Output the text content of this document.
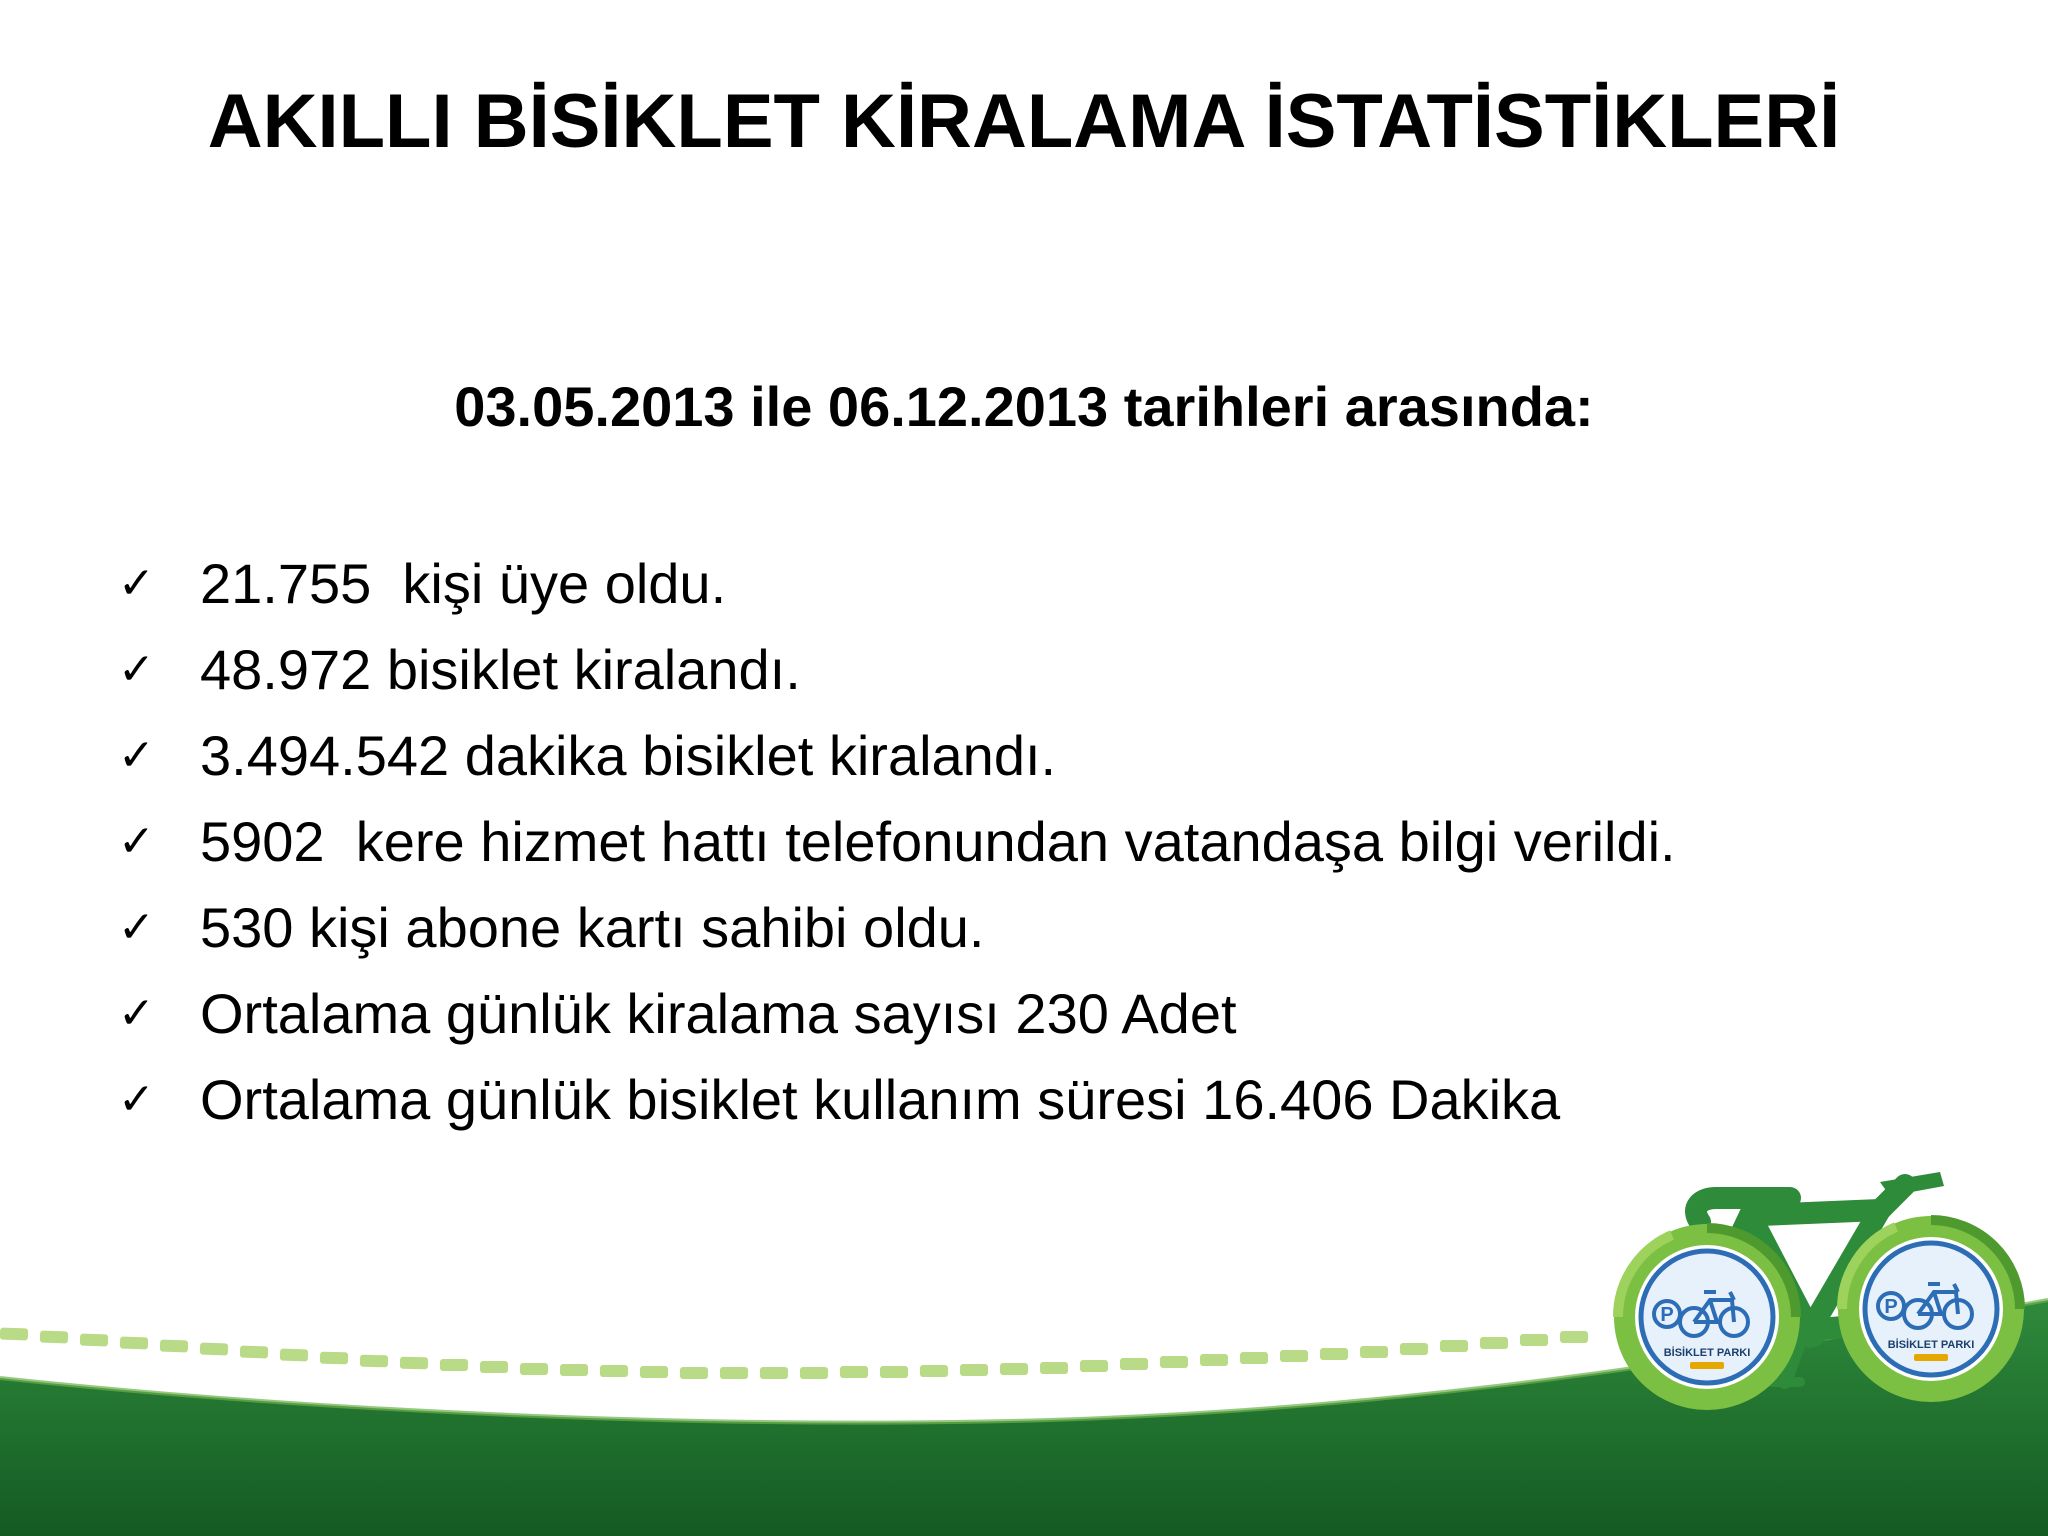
P
BİSİKLET PARKI
P
BİSİKLET PARKI
AKILLI BİSİKLET KİRALAMA İSTATİSTİKLERİ
03.05.2013 ile 06.12.2013 tarihleri arasında:
✓ 21.755  kişi üye oldu.
✓ 48.972 bisiklet kiralandı.
✓ 3.494.542 dakika bisiklet kiralandı.
✓ 5902  kere hizmet hattı telefonundan vatandaşa bilgi verildi.
✓ 530 kişi abone kartı sahibi oldu.
✓ Ortalama günlük kiralama sayısı 230 Adet
✓ Ortalama günlük bisiklet kullanım süresi 16.406 Dakika
